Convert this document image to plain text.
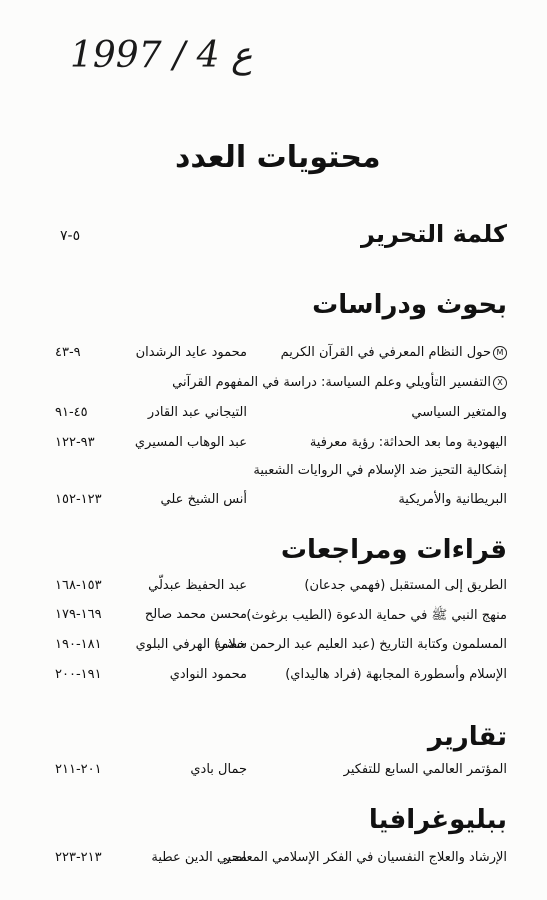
ع 4 / 1997
محتويات العدد
كلمة التحرير
٥-٧
بحوث ودراسات
Mحول النظام المعرفي في القرآن الكريم
محمود عايد الرشدان
٩-٤٣
Xالتفسير التأويلي وعلم السياسة: دراسة في المفهوم القرآني
والمتغير السياسي
التيجاني عبد القادر
٤٥-٩١
اليهودية وما بعد الحداثة: رؤية معرفية
عبد الوهاب المسيري
٩٣-١٢٢
إشكالية التحيز ضد الإسلام في الروايات الشعبية
البريطانية والأمريكية
أنس الشيخ علي
١٢٣-١٥٢
قراءات ومراجعات
الطريق إلى المستقبل (فهمي جدعان)
عبد الحفيظ عبدلّي
١٥٣-١٦٨
منهج النبي ﷺ في حماية الدعوة (الطيب برغوث)
محسن محمد صالح
١٦٩-١٧٩
المسلمون وكتابة التاريخ (عبد العليم عبد الرحمن خضر)
سلامة الهرفي البلوي
١٨١-١٩٠
الإسلام وأسطورة المجابهة (فراد هاليداي)
محمود النوادي
١٩١-٢٠٠
تقارير
المؤتمر العالمي السابع للتفكير
جمال بادي
٢٠١-٢١١
ببليوغرافيا
الإرشاد والعلاج النفسيان في الفكر الإسلامي المعاصر
محيي الدين عطية
٢١٣-٢٢٣
